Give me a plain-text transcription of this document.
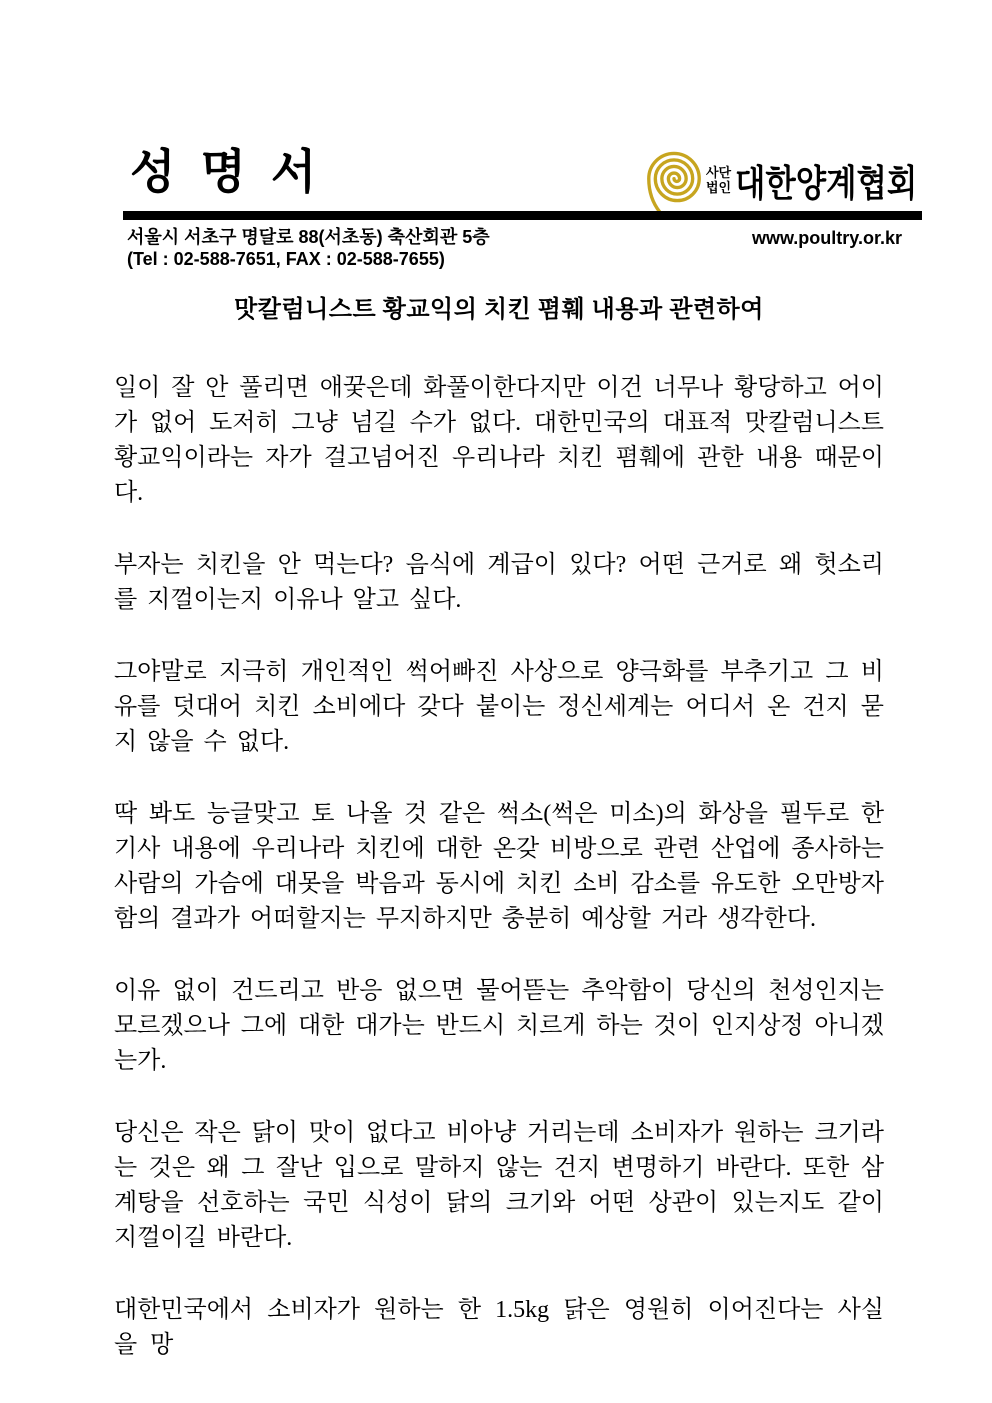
성 명 서	사단
법인 대한양계협회
서울시 서초구 명달로 88(서초동) 축산회관 5층
(Tel : 02-588-7651, FAX : 02-588-7655)
www.poultry.or.kr
맛칼럼니스트 황교익의 치킨 폄훼 내용과 관련하여

일이 잘 안 풀리면 애꿎은데 화풀이한다지만 이건 너무나 황당하고 어이가 없어 도저히 그냥 넘길 수가 없다. 대한민국의 대표적 맛칼럼니스트 황교익이라는 자가 걸고넘어진 우리나라 치킨 폄훼에 관한 내용 때문이다.

부자는 치킨을 안 먹는다? 음식에 계급이 있다? 어떤 근거로 왜 헛소리를 지껄이는지 이유나 알고 싶다.

그야말로 지극히 개인적인 썩어빠진 사상으로 양극화를 부추기고 그 비유를 덧대어 치킨 소비에다 갖다 붙이는 정신세계는 어디서 온 건지 묻지 않을 수 없다.

딱 봐도 능글맞고 토 나올 것 같은 썩소(썩은 미소)의 화상을 필두로 한 기사 내용에 우리나라 치킨에 대한 온갖 비방으로 관련 산업에 종사하는 사람의 가슴에 대못을 박음과 동시에 치킨 소비 감소를 유도한 오만방자함의 결과가 어떠할지는 무지하지만 충분히 예상할 거라 생각한다.

이유 없이 건드리고 반응 없으면 물어뜯는 추악함이 당신의 천성인지는 모르겠으나 그에 대한 대가는 반드시 치르게 하는 것이 인지상정 아니겠는가.

당신은 작은 닭이 맛이 없다고 비아냥 거리는데 소비자가 원하는 크기라는 것은 왜 그 잘난 입으로 말하지 않는 건지 변명하기 바란다. 또한 삼계탕을 선호하는 국민 식성이 닭의 크기와 어떤 상관이 있는지도 같이 지껄이길 바란다.

대한민국에서 소비자가 원하는 한 1.5kg 닭은 영원히 이어진다는 사실을 망
